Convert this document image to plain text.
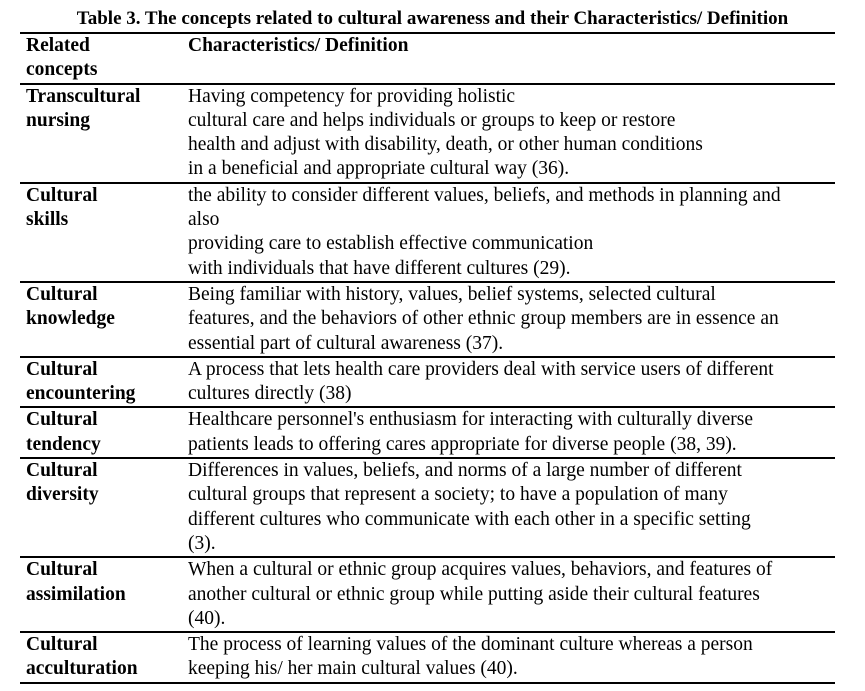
Table 3. The concepts related to cultural awareness and their Characteristics/ Definition
Related
concepts	Characteristics/ Definition

Transcultural
nursing	Having competency for providing holistic
cultural care and helps individuals or groups to keep or restore
health and adjust with disability, death, or other human conditions
in a beneficial and appropriate cultural way (36).

Cultural
skills	the ability to consider different values, beliefs, and methods in planning and
also
providing care to establish effective communication
with individuals that have different cultures (29).

Cultural
knowledge	Being familiar with history, values, belief systems, selected cultural
features, and the behaviors of other ethnic group members are in essence an
essential part of cultural awareness (37).

Cultural
encountering	A process that lets health care providers deal with service users of different
cultures directly (38)

Cultural
tendency	Healthcare personnel's enthusiasm for interacting with culturally diverse
patients leads to offering cares appropriate for diverse people (38, 39).

Cultural
diversity	Differences in values, beliefs, and norms of a large number of different
cultural groups that represent a society; to have a population of many
different cultures who communicate with each other in a specific setting
(3).

Cultural
assimilation	When a cultural or ethnic group acquires values, behaviors, and features of
another cultural or ethnic group while putting aside their cultural features
(40).

Cultural
acculturation	The process of learning values of the dominant culture whereas a person
keeping his/ her main cultural values (40).
